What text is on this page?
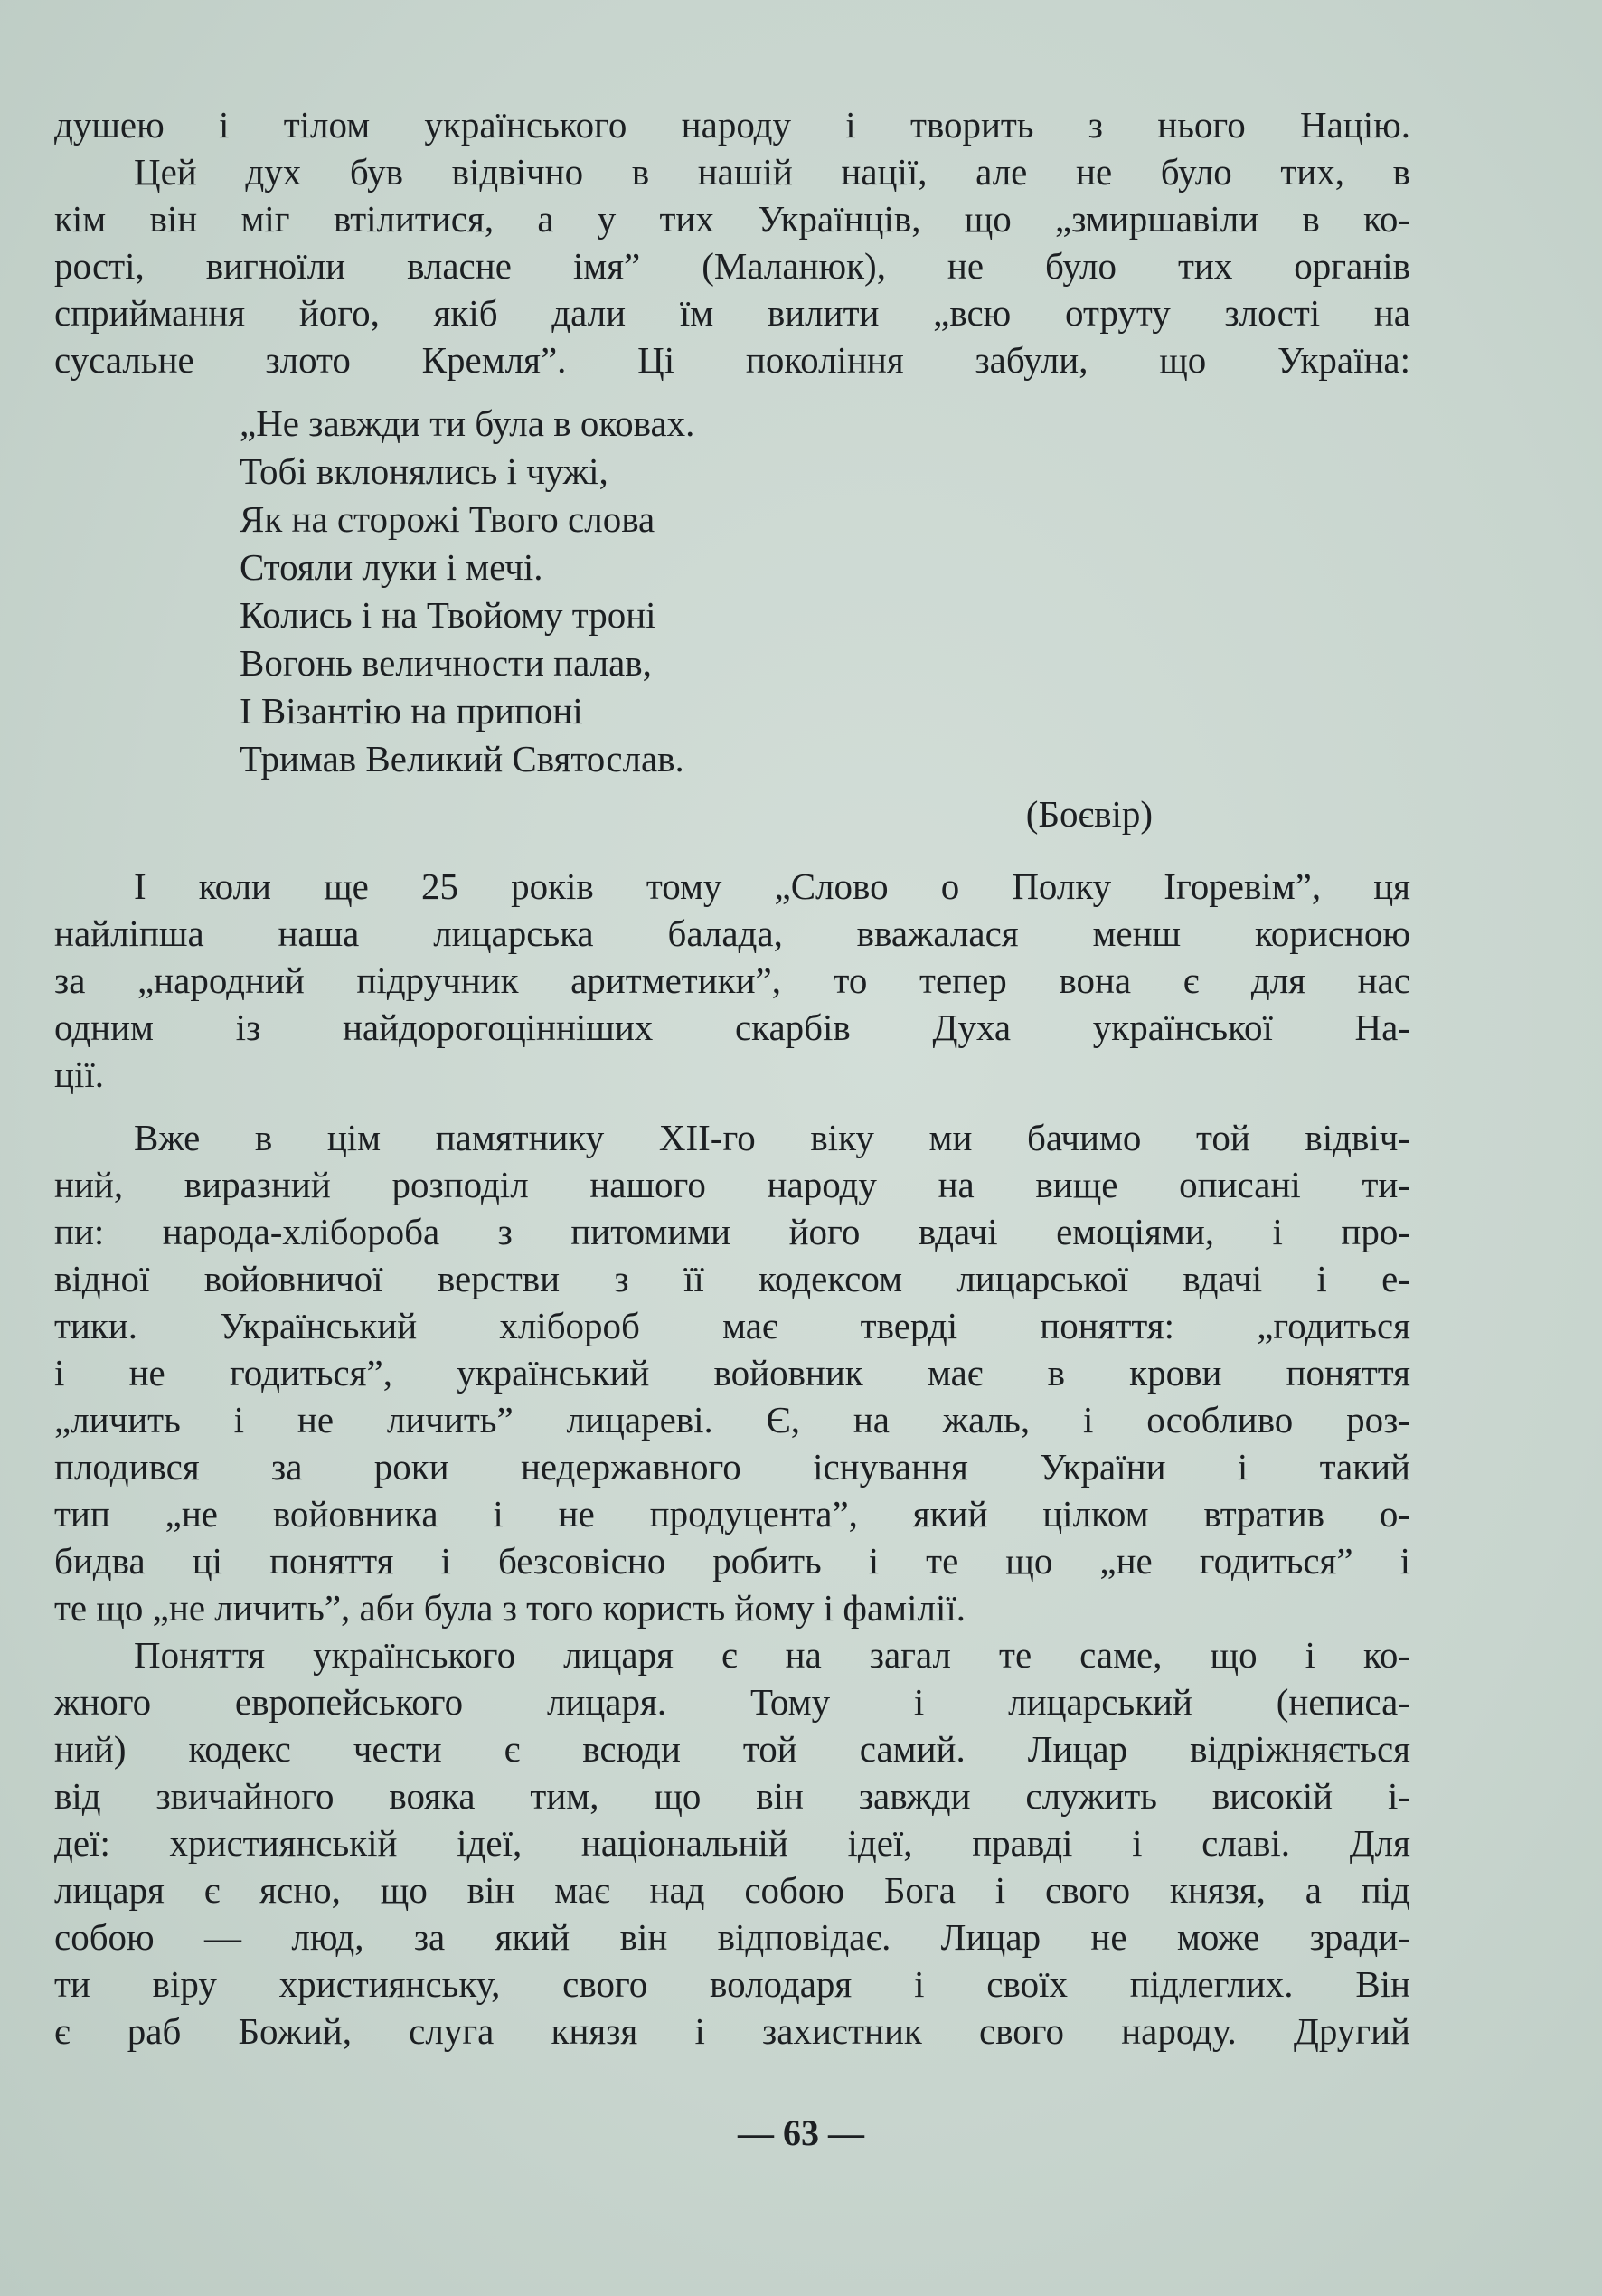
душею і тілом українського народу і творить з нього Націю.
Цей дух був відвічно в нашій нації, але не було тих, в
кім він міг втілитися, а у тих Українців, що „змиршавіли в ко-
рості, вигноїли власне імя” (Маланюк), не було тих органів
сприймання його, якіб дали їм вилити „всю отруту злості на
сусальне злото Кремля”. Ці покоління забули, що Україна:
„Не завжди ти була в оковах.
Тобі вклонялись і чужі,
Як на сторожі Твого слова
Стояли луки і мечі.
Колись і на Твойому троні
Вогонь величности палав,
І Візантію на припоні
Тримав Великий Святослав.
(Боєвір)
І коли ще 25 років тому „Слово о Полку Ігоревім”, ця
найліпша наша лицарська балада, вважалася менш корисною
за „народний підручник аритметики”, то тепер вона є для нас
одним із найдорогоцінніших скарбів Духа української На-
ції.
Вже в цім памятнику XII-го віку ми бачимо той відвіч-
ний, виразний розподіл нашого народу на вище описані ти-
пи: народа-хлібороба з питомими його вдачі емоціями, і про-
відної войовничої верстви з її кодексом лицарської вдачі і е-
тики. Український хлібороб має тверді поняття: „годиться
і не годиться”, український войовник має в крови поняття
„личить і не личить” лицареві. Є, на жаль, і особливо роз-
плодився за роки недержавного існування України і такий
тип „не войовника і не продуцента”, який цілком втратив о-
бидва ці поняття і безсовісно робить і те що „не годиться” і
те що „не личить”, аби була з того користь йому і фамілії.
Поняття українського лицаря є на загал те саме, що і ко-
жного европейського лицаря. Тому і лицарський (неписа-
ний) кодекс чести є всюди той самий. Лицар відріжняється
від звичайного вояка тим, що він завжди служить високій і-
деї: християнській ідеї, національній ідеї, правді і славі. Для
лицаря є ясно, що він має над собою Бога і свого князя, а під
собою — люд, за який він відповідає. Лицар не може зради-
ти віру християнську, свого володаря і своїх підлеглих. Він
є раб Божий, слуга князя і захистник свого народу. Другий
— 63 —
